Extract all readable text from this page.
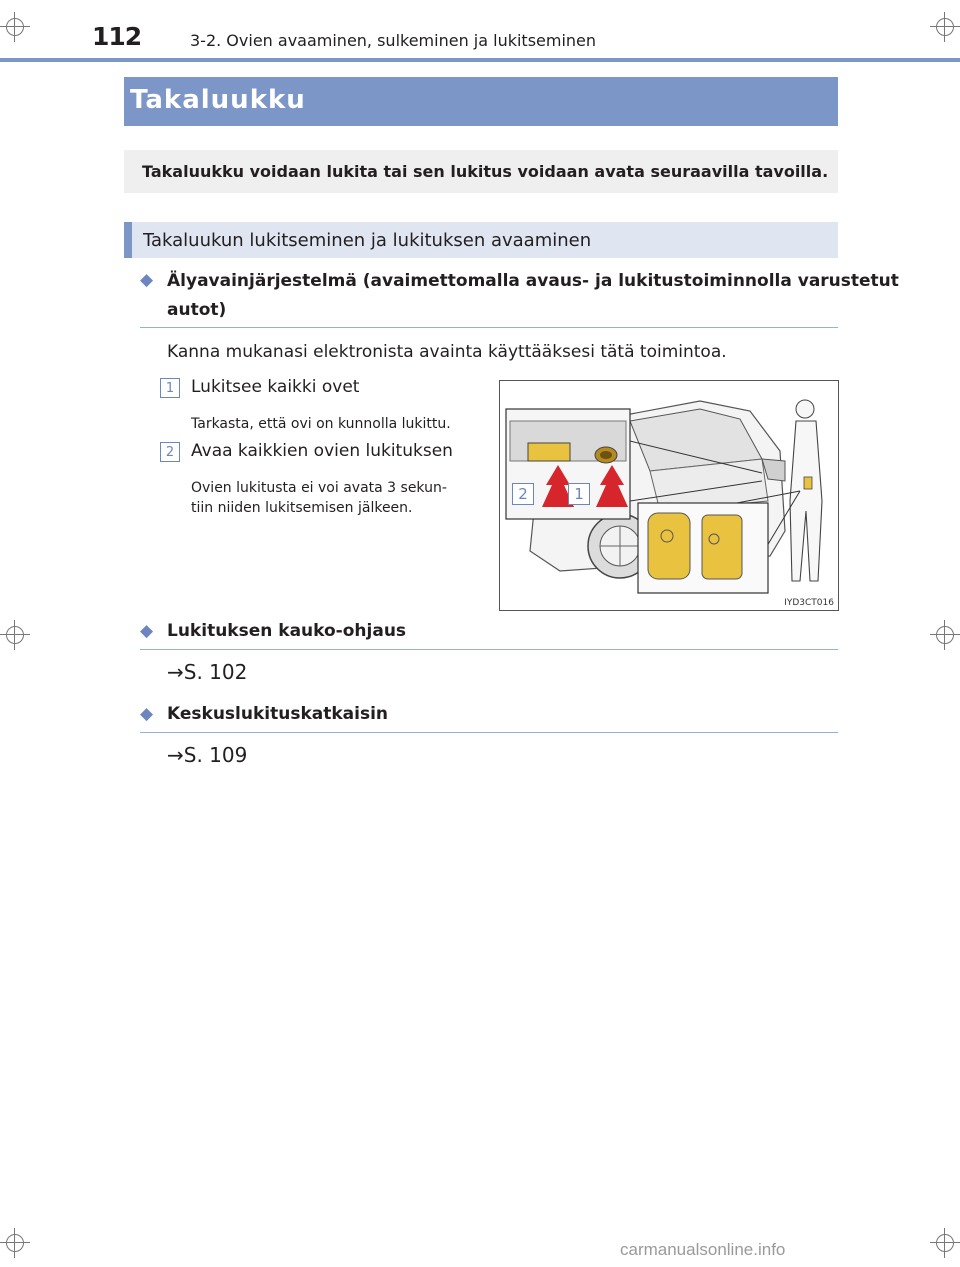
112	3-2. Ovien avaaminen, sulkeminen ja lukitseminen
Takaluukku
Takaluukku voidaan lukita tai sen lukitus voidaan avata seuraavilla tavoilla.
Takaluukun lukitseminen ja lukituksen avaaminen
◆ Älyavainjärjestelmä (avaimettomalla avaus- ja lukitustoiminnolla varustetut
autot)
Kanna mukanasi elektronista avainta käyttääksesi tätä toimintoa.
1 Lukitsee kaikki ovet
Tarkasta, että ovi on kunnolla lukittu.
2 Avaa kaikkien ovien lukituksen
Ovien lukitusta ei voi avata 3 sekun-
tiin niiden lukitsemisen jälkeen.
2	1
IYD3CT016
◆ Lukituksen kauko-ohjaus
→S. 102
◆ Keskuslukituskatkaisin
→S. 109
carmanualsonline.info
